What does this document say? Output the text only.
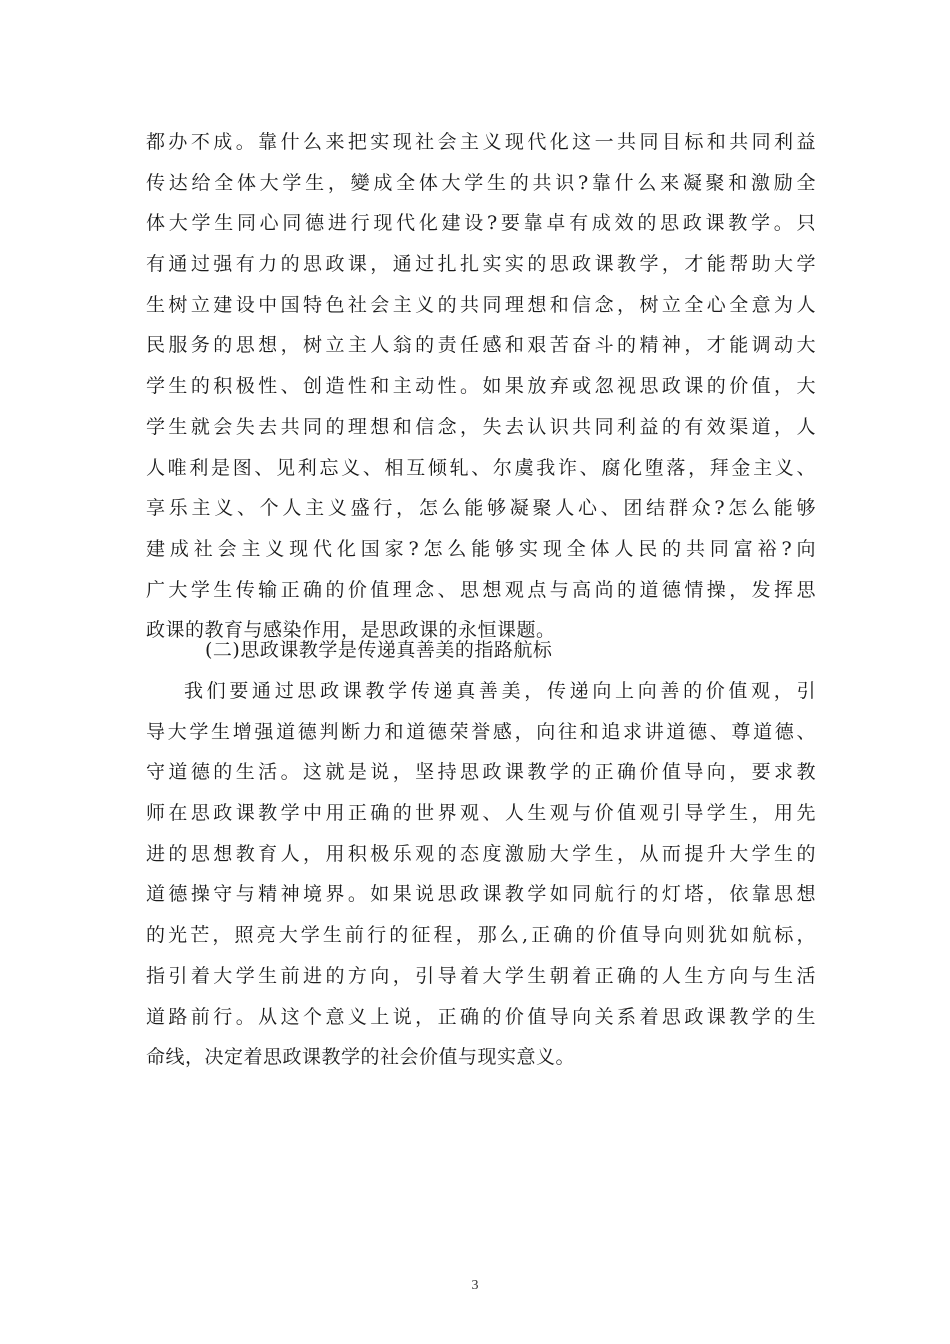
都办不成。靠什么来把实现社会主义现代化这一共同目标和共同利益
传达给全体大学生，變成全体大学生的共识?靠什么来凝聚和激励全
体大学生同心同德进行现代化建设?要靠卓有成效的思政课教学。只
有通过强有力的思政课，通过扎扎实实的思政课教学，才能帮助大学
生树立建设中国特色社会主义的共同理想和信念，树立全心全意为人
民服务的思想，树立主人翁的责任感和艰苦奋斗的精神，才能调动大
学生的积极性、创造性和主动性。如果放弃或忽视思政课的价值，大
学生就会失去共同的理想和信念，失去认识共同利益的有效渠道，人
人唯利是图、见利忘义、相互倾轧、尔虞我诈、腐化堕落，拜金主义、
享乐主义、个人主义盛行，怎么能够凝聚人心、团结群众?怎么能够
建成社会主义现代化国家?怎么能够实现全体人民的共同富裕?向
广大学生传输正确的价值理念、思想观点与高尚的道德情操，发挥思
政课的教育与感染作用，是思政课的永恒课题。
(二)思政课教学是传递真善美的指路航标
我们要通过思政课教学传递真善美，传递向上向善的价值观，引
导大学生增强道德判断力和道德荣誉感，向往和追求讲道德、尊道德、
守道德的生活。这就是说，坚持思政课教学的正确价值导向，要求教
师在思政课教学中用正确的世界观、人生观与价值观引导学生，用先
进的思想教育人，用积极乐观的态度激励大学生，从而提升大学生的
道德操守与精神境界。如果说思政课教学如同航行的灯塔，依靠思想
的光芒，照亮大学生前行的征程，那么,正确的价值导向则犹如航标，
指引着大学生前进的方向，引导着大学生朝着正确的人生方向与生活
道路前行。从这个意义上说，正确的价值导向关系着思政课教学的生
命线，决定着思政课教学的社会价值与现实意义。
3
